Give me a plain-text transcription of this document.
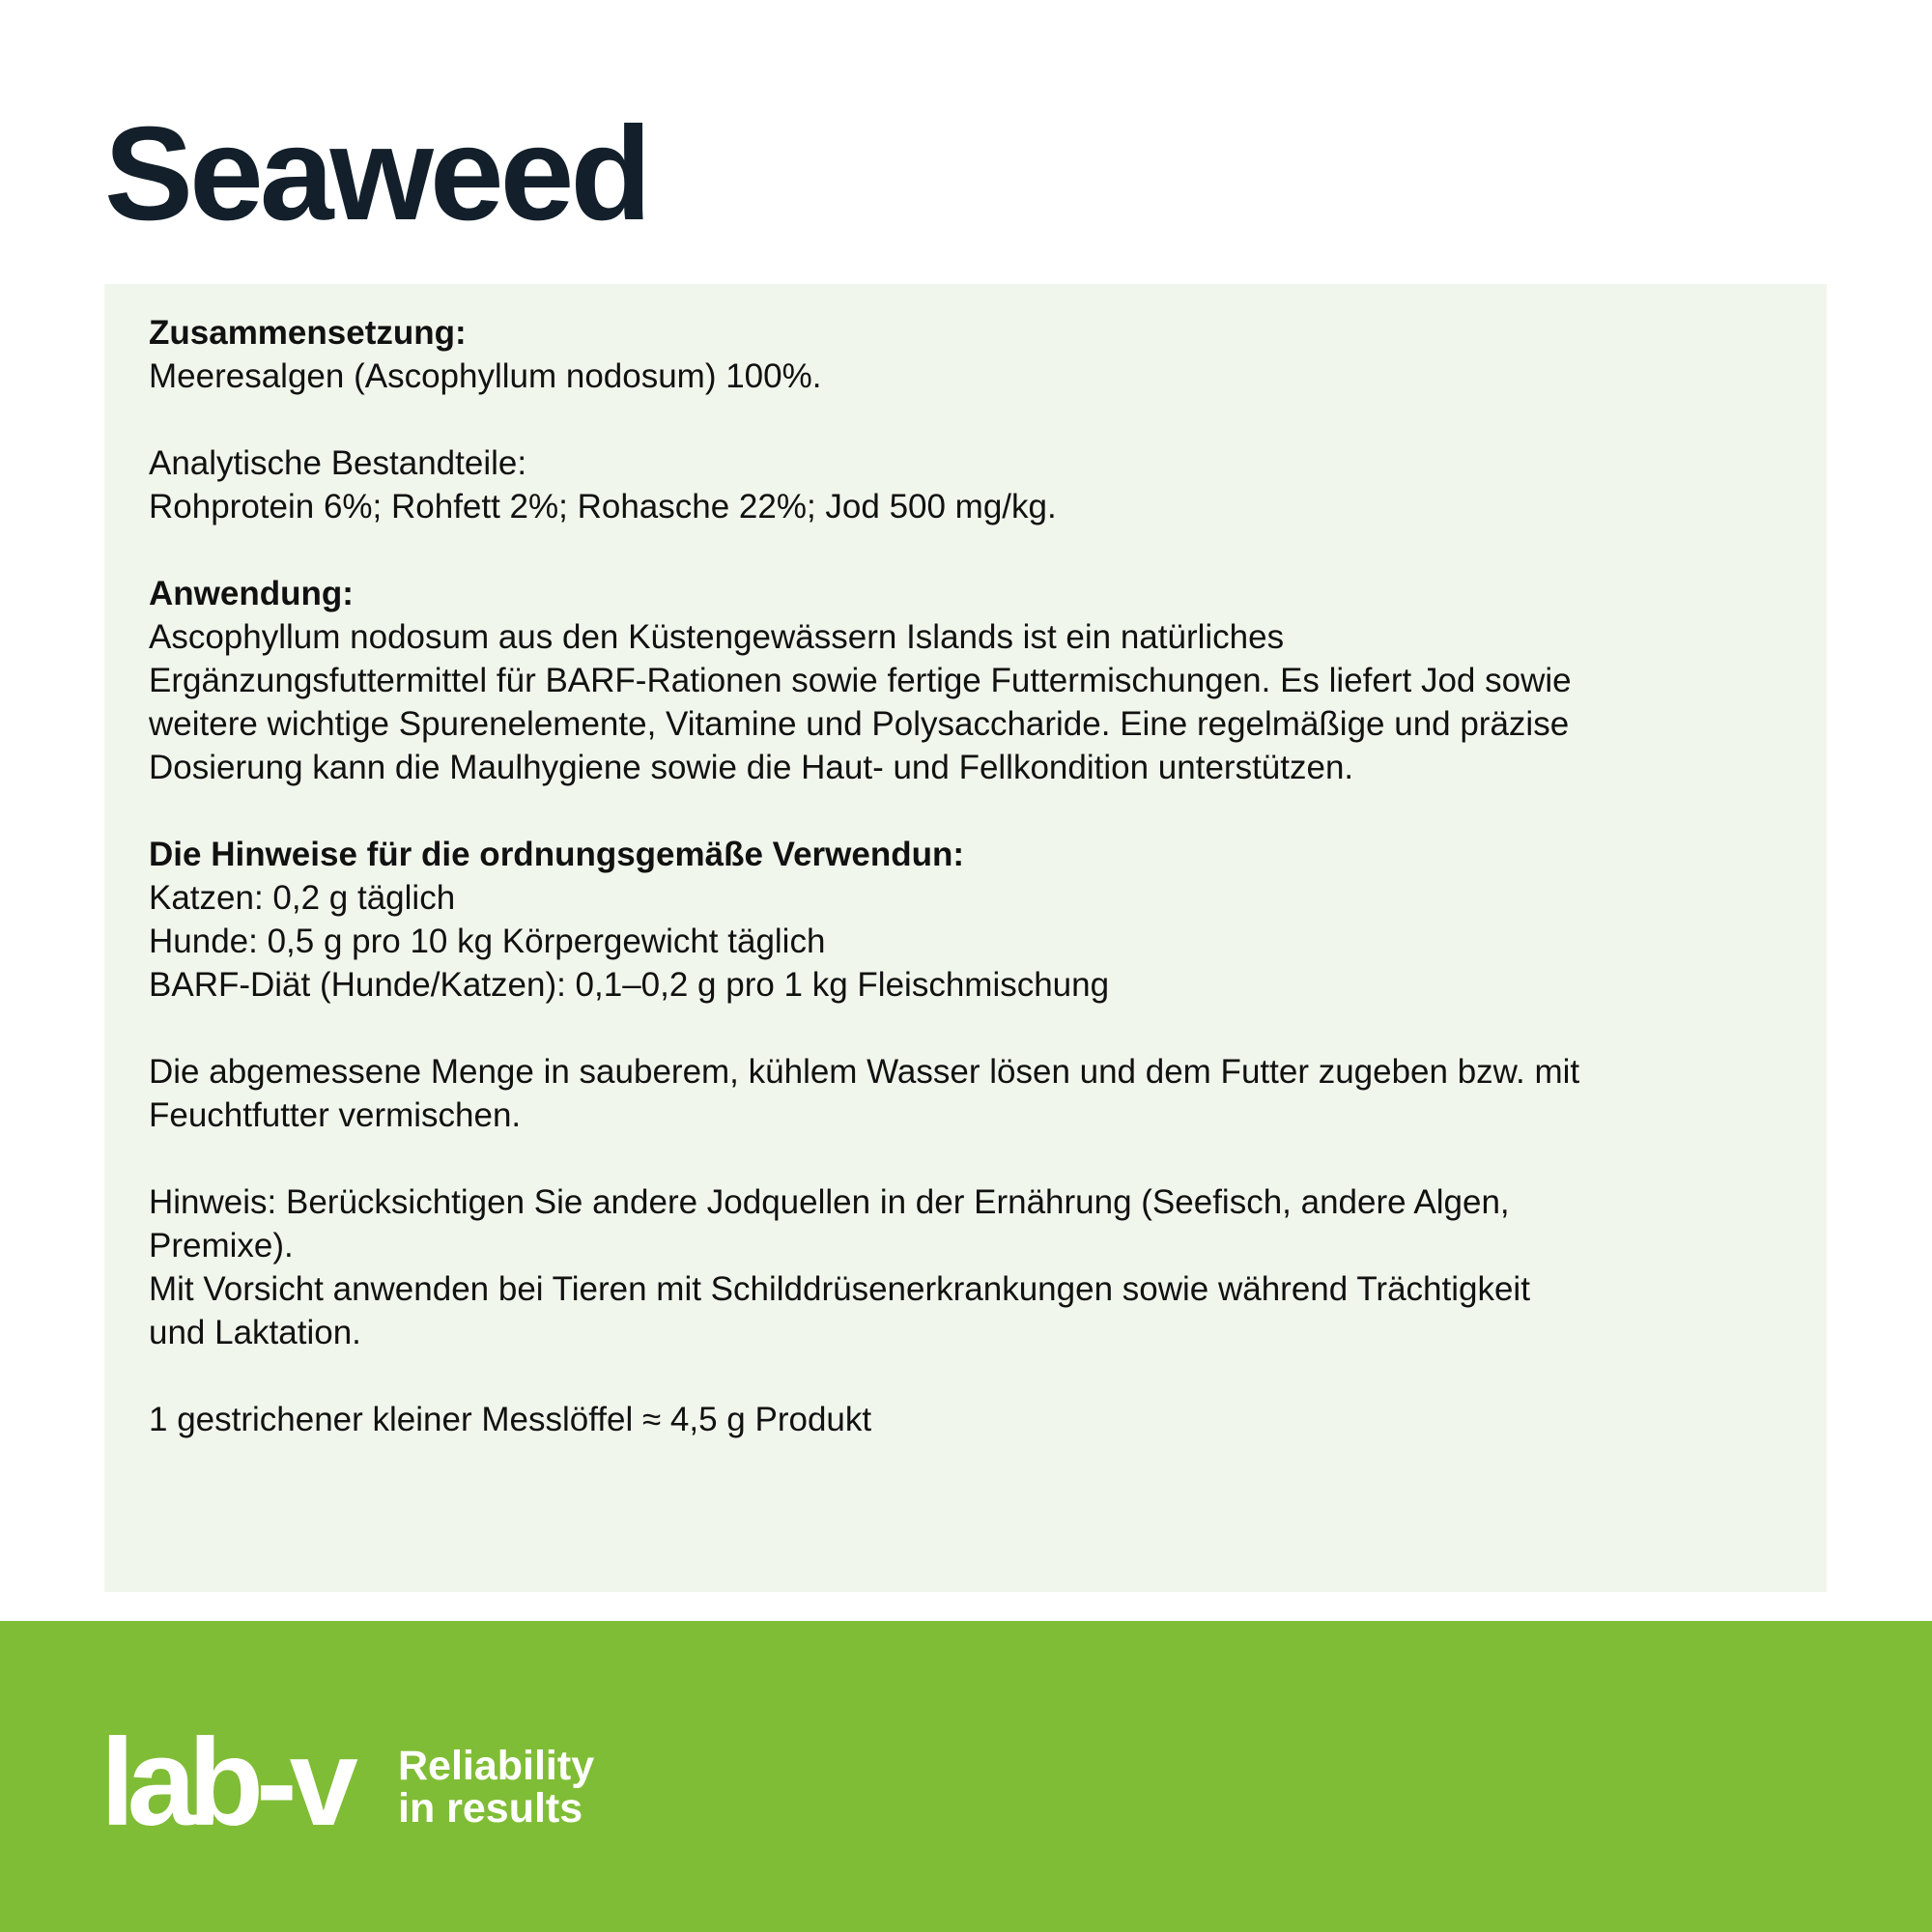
Seaweed
Zusammensetzung:
Meeresalgen (Ascophyllum nodosum) 100%.
Analytische Bestandteile:
Rohprotein 6%; Rohfett 2%; Rohasche 22%; Jod 500 mg/kg.
Anwendung:
Ascophyllum nodosum aus den Küstengewässern Islands ist ein natürliches
Ergänzungsfuttermittel für BARF-Rationen sowie fertige Futtermischungen. Es liefert Jod sowie
weitere wichtige Spurenelemente, Vitamine und Polysaccharide. Eine regelmäßige und präzise
Dosierung kann die Maulhygiene sowie die Haut- und Fellkondition unterstützen.
Die Hinweise für die ordnungsgemäße Verwendun:
Katzen: 0,2 g täglich
Hunde: 0,5 g pro 10 kg Körpergewicht täglich
BARF-Diät (Hunde/Katzen): 0,1–0,2 g pro 1 kg Fleischmischung
Die abgemessene Menge in sauberem, kühlem Wasser lösen und dem Futter zugeben bzw. mit
Feuchtfutter vermischen.
Hinweis: Berücksichtigen Sie andere Jodquellen in der Ernährung (Seefisch, andere Algen,
Premixe).
Mit Vorsicht anwenden bei Tieren mit Schilddrüsenerkrankungen sowie während Trächtigkeit
und Laktation.
1 gestrichener kleiner Messlöffel ≈ 4,5 g Produkt
lab-v Reliability
in results
